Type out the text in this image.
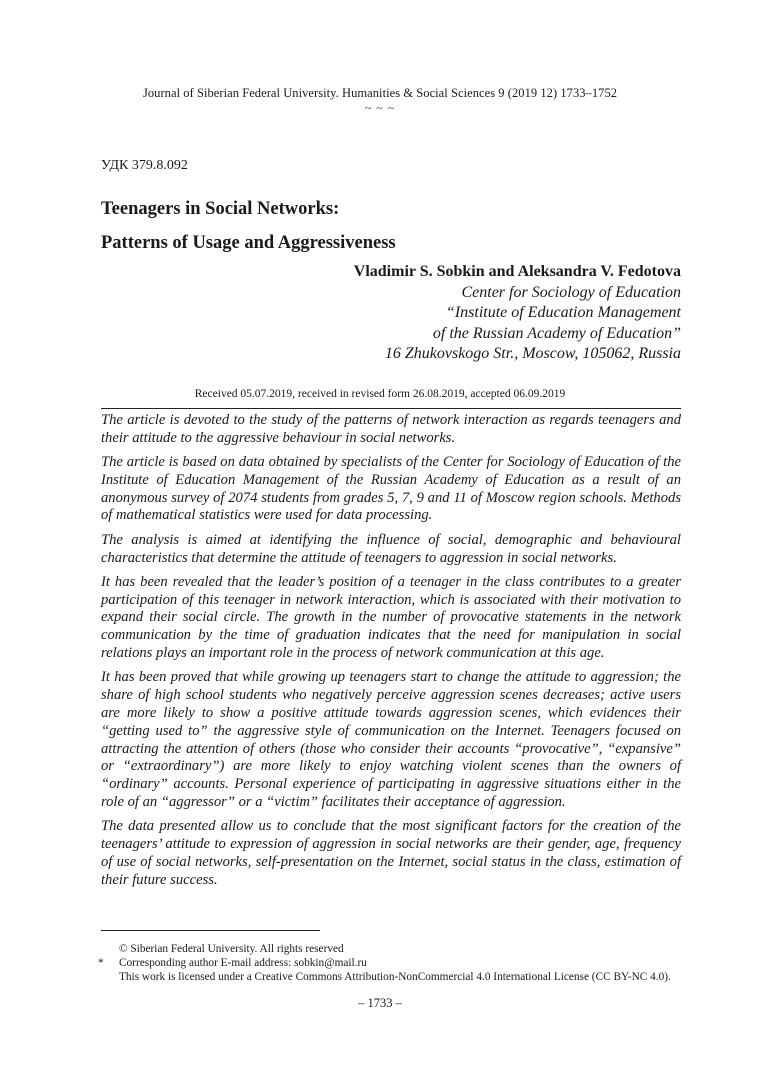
Journal of Siberian Federal University. Humanities & Social Sciences 9 (2019 12) 1733–1752
~ ~ ~
УДК 379.8.092
Teenagers in Social Networks:
Patterns of Usage and Aggressiveness
Vladimir S. Sobkin and Aleksandra V. Fedotova
Center for Sociology of Education
“Institute of Education Management
of the Russian Academy of Education”
16 Zhukovskogo Str., Moscow, 105062, Russia
Received 05.07.2019, received in revised form 26.08.2019, accepted 06.09.2019

The article is devoted to the study of the patterns of network interaction as regards teenagers and their attitude to the aggressive behaviour in social networks.

The article is based on data obtained by specialists of the Center for Sociology of Education of the Institute of Education Management of the Russian Academy of Education as a result of an anonymous survey of 2074 students from grades 5, 7, 9 and 11 of Moscow region schools. Methods of mathematical statistics were used for data processing.

The analysis is aimed at identifying the influence of social, demographic and behavioural characteristics that determine the attitude of teenagers to aggression in social networks.

It has been revealed that the leader’s position of a teenager in the class contributes to a greater participation of this teenager in network interaction, which is associated with their motivation to expand their social circle. The growth in the number of provocative statements in the network communication by the time of graduation indicates that the need for manipulation in social relations plays an important role in the process of network communication at this age.

It has been proved that while growing up teenagers start to change the attitude to aggression; the share of high school students who negatively perceive aggression scenes decreases; active users are more likely to show a positive attitude towards aggression scenes, which evidences their “getting used to” the aggressive style of communication on the Internet. Teenagers focused on attracting the attention of others (those who consider their accounts “provocative”, “expansive” or “extraordinary”) are more likely to enjoy watching violent scenes than the owners of “ordinary” accounts. Personal experience of participating in aggressive situations either in the role of an “aggressor” or a “victim” facilitates their acceptance of aggression.

The data presented allow us to conclude that the most significant factors for the creation of the teenagers’ attitude to expression of aggression in social networks are their gender, age, frequency of use of social networks, self-presentation on the Internet, social status in the class, estimation of their future success.

© Siberian Federal University. All rights reserved
* Corresponding author E-mail address: sobkin@mail.ru
This work is licensed under a Creative Commons Attribution-NonCommercial 4.0 International License (CC BY-NC 4.0).
– 1733 –
